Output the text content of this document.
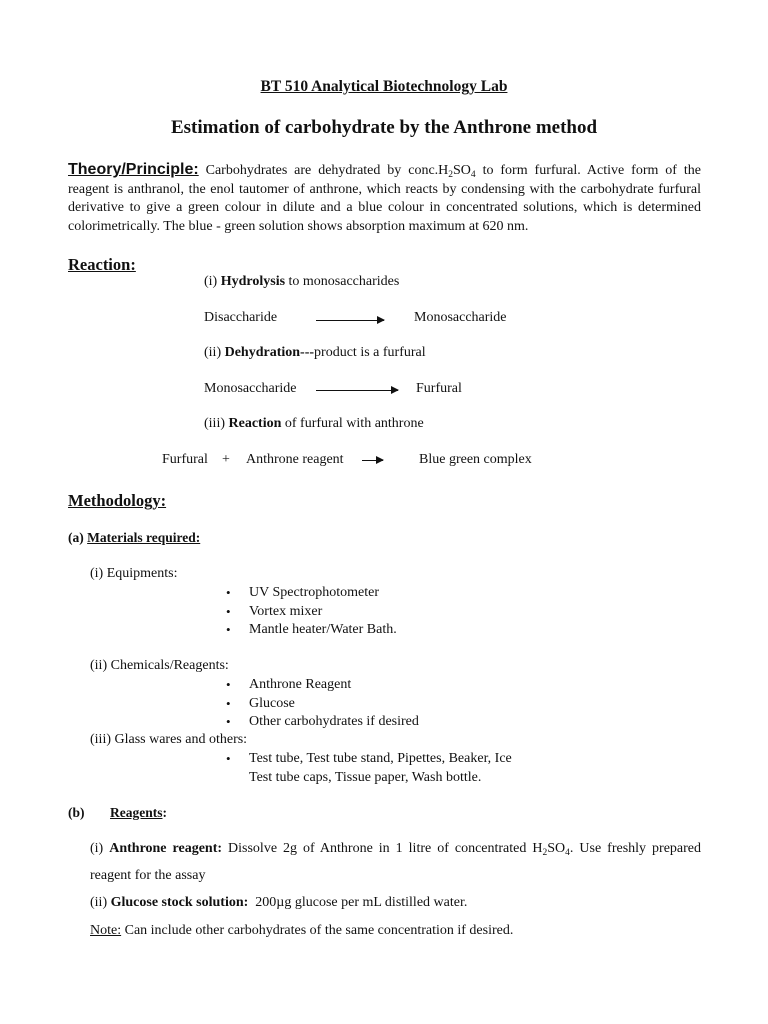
BT 510 Analytical Biotechnology Lab
Estimation of carbohydrate by the Anthrone method
Theory/Principle: Carbohydrates are dehydrated by $conc.H_2SO_4$ to form furfural. Active form of the reagent is anthranol, the enol tautomer of anthrone, which reacts by condensing with the carbohydrate furfural derivative to give a green colour in dilute and a blue colour in concentrated solutions, which is determined colorimetrically. The blue - green solution shows absorption maximum at 620 nm.
Reaction:
(i) Hydrolysis to monosaccharides
Disaccharide	Monosaccharide
(ii) Dehydration---product is a furfural
Monosaccharide	Furfural
(iii) Reaction of furfural with anthrone
Furfural + Anthrone reagent	Blue green complex
Methodology:
(a) Materials required:
(i) Equipments:
• UV Spectrophotometer
• Vortex mixer
• Mantle heater/Water Bath.
(ii) Chemicals/Reagents:
• Anthrone Reagent
• Glucose
• Other carbohydrates if desired
(iii) Glass wares and others:
• Test tube, Test tube stand, Pipettes, Beaker, Ice
Test tube caps, Tissue paper, Wash bottle.
(b) Reagents:
(i) Anthrone reagent: Dissolve 2g of Anthrone in 1 litre of concentrated $H_2SO_4$. Use freshly prepared reagent for the assay
(ii) Glucose stock solution:  200µg glucose per mL distilled water.
Note: Can include other carbohydrates of the same concentration if desired.
